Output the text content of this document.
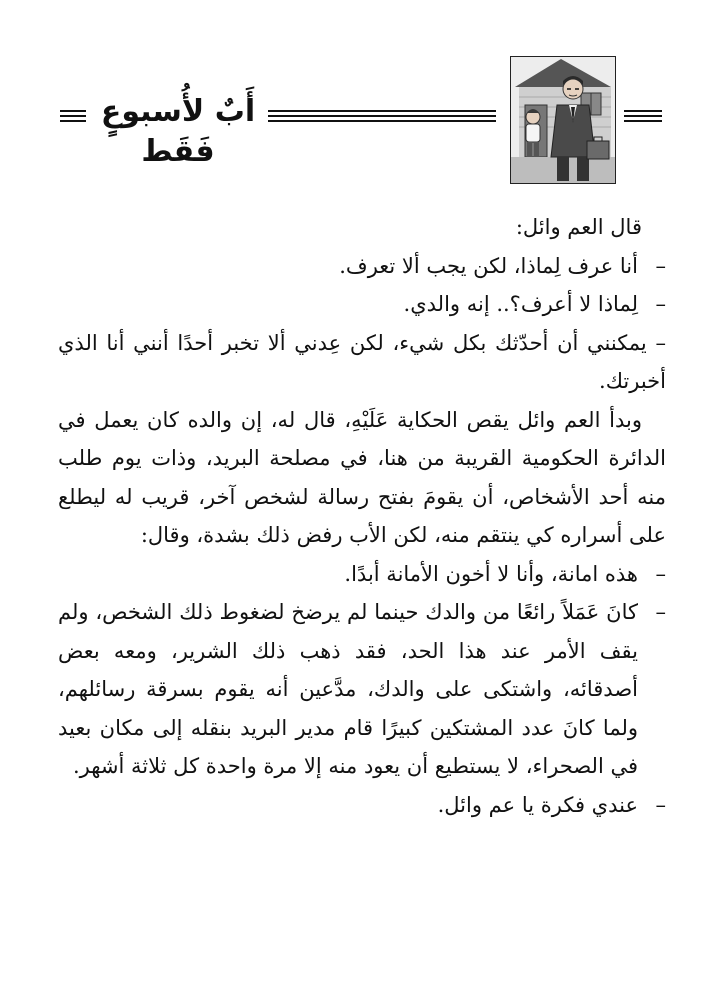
أَبٌ لأُسبوعٍ فَقَط

قال العم وائل:

–
أنا عرف لِماذا، لكن يجب ألا تعرف.

–
لِماذا لا أعرف؟.. إنه والدي.

– يمكنني أن أحدّثك بكل شيء، لكن عِدني ألا تخبر أحدًا أنني أنا الذي أخبرتك.

وبدأ العم وائل يقص الحكاية عَلَيْهِ، قال له، إن والده كان يعمل في الدائرة الحكومية القريبة من هنا، في مصلحة البريد، وذات يوم طلب منه أحد الأشخاص، أن يقومَ بفتح رسالة لشخص آخر، قريب له ليطلع على أسراره كي ينتقم منه، لكن الأب رفض ذلك بشدة، وقال:

–
هذه امانة، وأنا لا أخون الأمانة أبدًا.

–
كانَ عَمَلاً رائعًا من والدك حينما لم يرضخ لضغوط ذلك الشخص، ولم يقف الأمر عند هذا الحد، فقد ذهب ذلك الشرير، ومعه بعض أصدقائه، واشتكى على والدك، مدَّعين أنه يقوم بسرقة رسائلهم، ولما كانَ عدد المشتكين كبيرًا قام مدير البريد بنقله إلى مكان بعيد في الصحراء، لا يستطيع أن يعود منه إلا مرة واحدة كل ثلاثة أشهر.

–
عندي فكرة يا عم وائل.
